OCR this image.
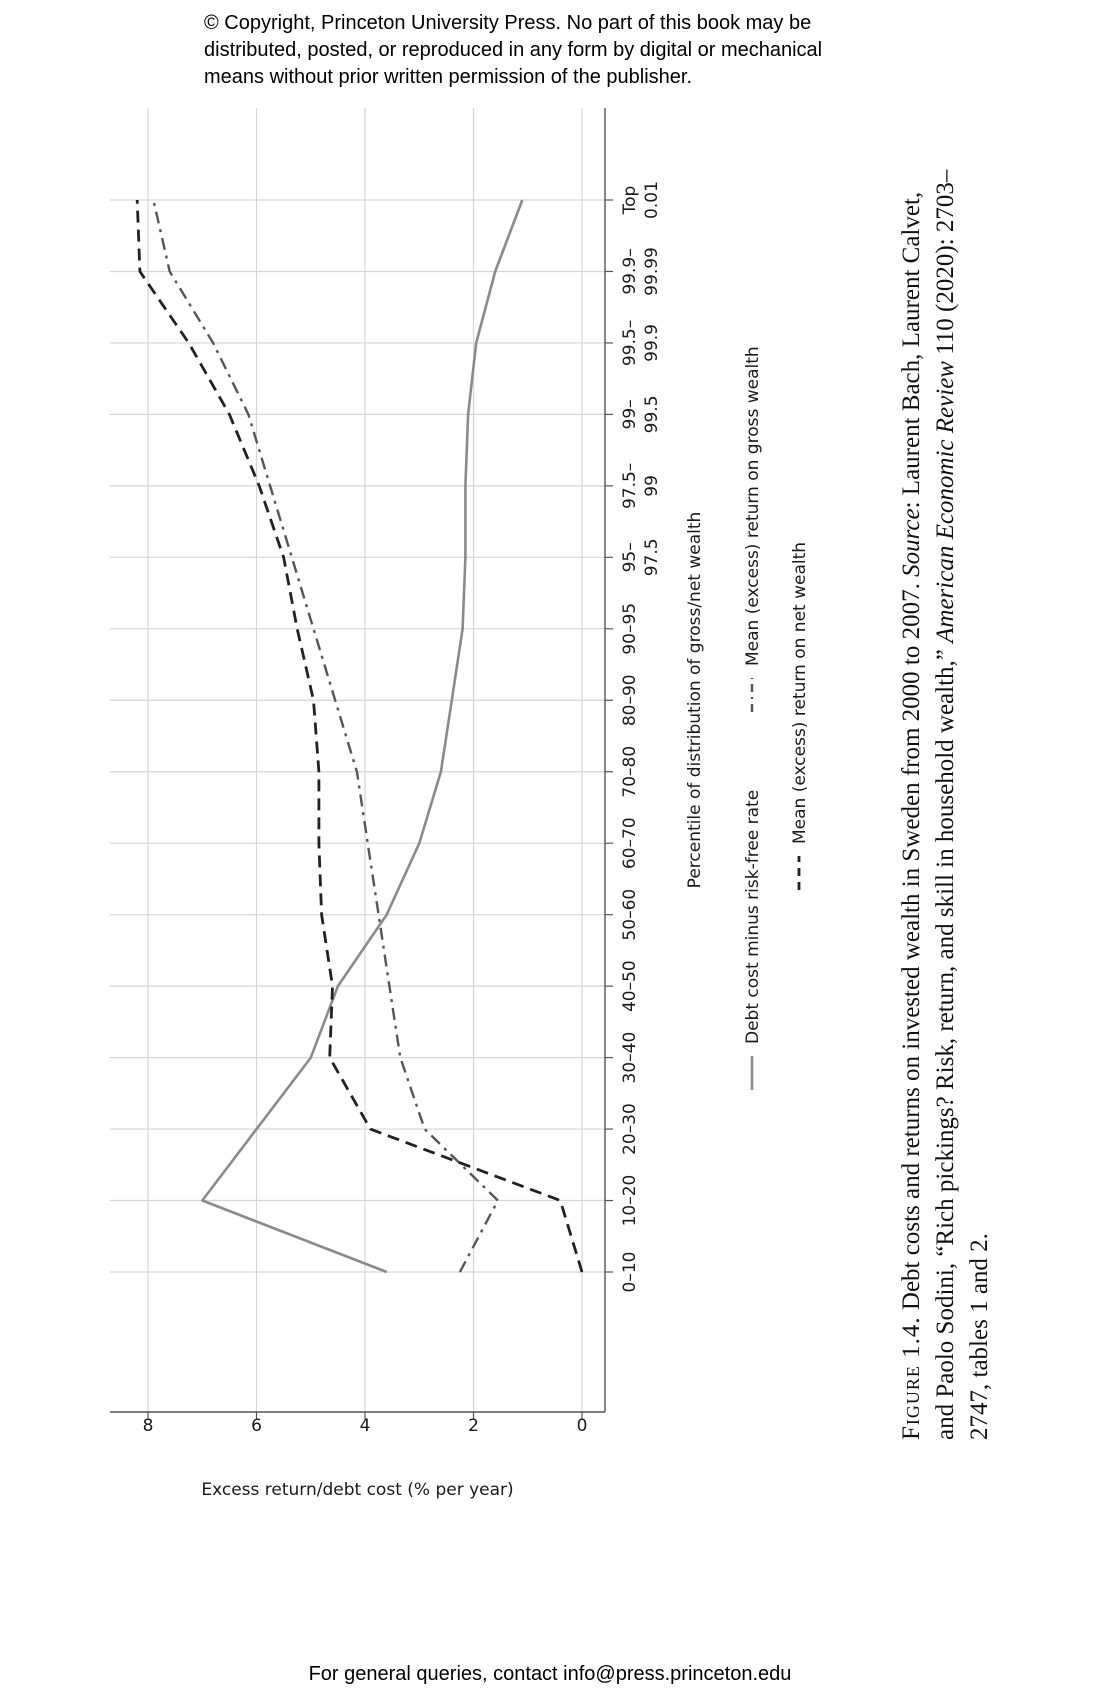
© Copyright, Princeton University Press. No part of this book may be
distributed, posted, or reproduced in any form by digital or mechanical
means without prior written permission of the publisher.
0
2
4
6
8
0–10
10–20
20–30
30–40
40–50
50–60
60–70
70–80
80–90
90–95
95– 97.5
97.5– 99
99– 99.5
99.5– 99.9
99.9– 99.99
Top 0.01
Excess return/debt cost (% per year)
Percentile of distribution of gross/net wealth
Debt cost minus risk-free rate
Mean (excess) return on gross wealth
Mean (excess) return on net wealth
Figure 1.4. Debt costs and returns on invested wealth in Sweden from 2000 to 2007. Source: Laurent Bach, Laurent Calvet, and Paolo Sodini, “Rich pickings? Risk, return, and skill in household wealth,” American Economic Review 110 (2020): 2703–2747, tables 1 and 2.
For general queries, contact info@press.princeton.edu
